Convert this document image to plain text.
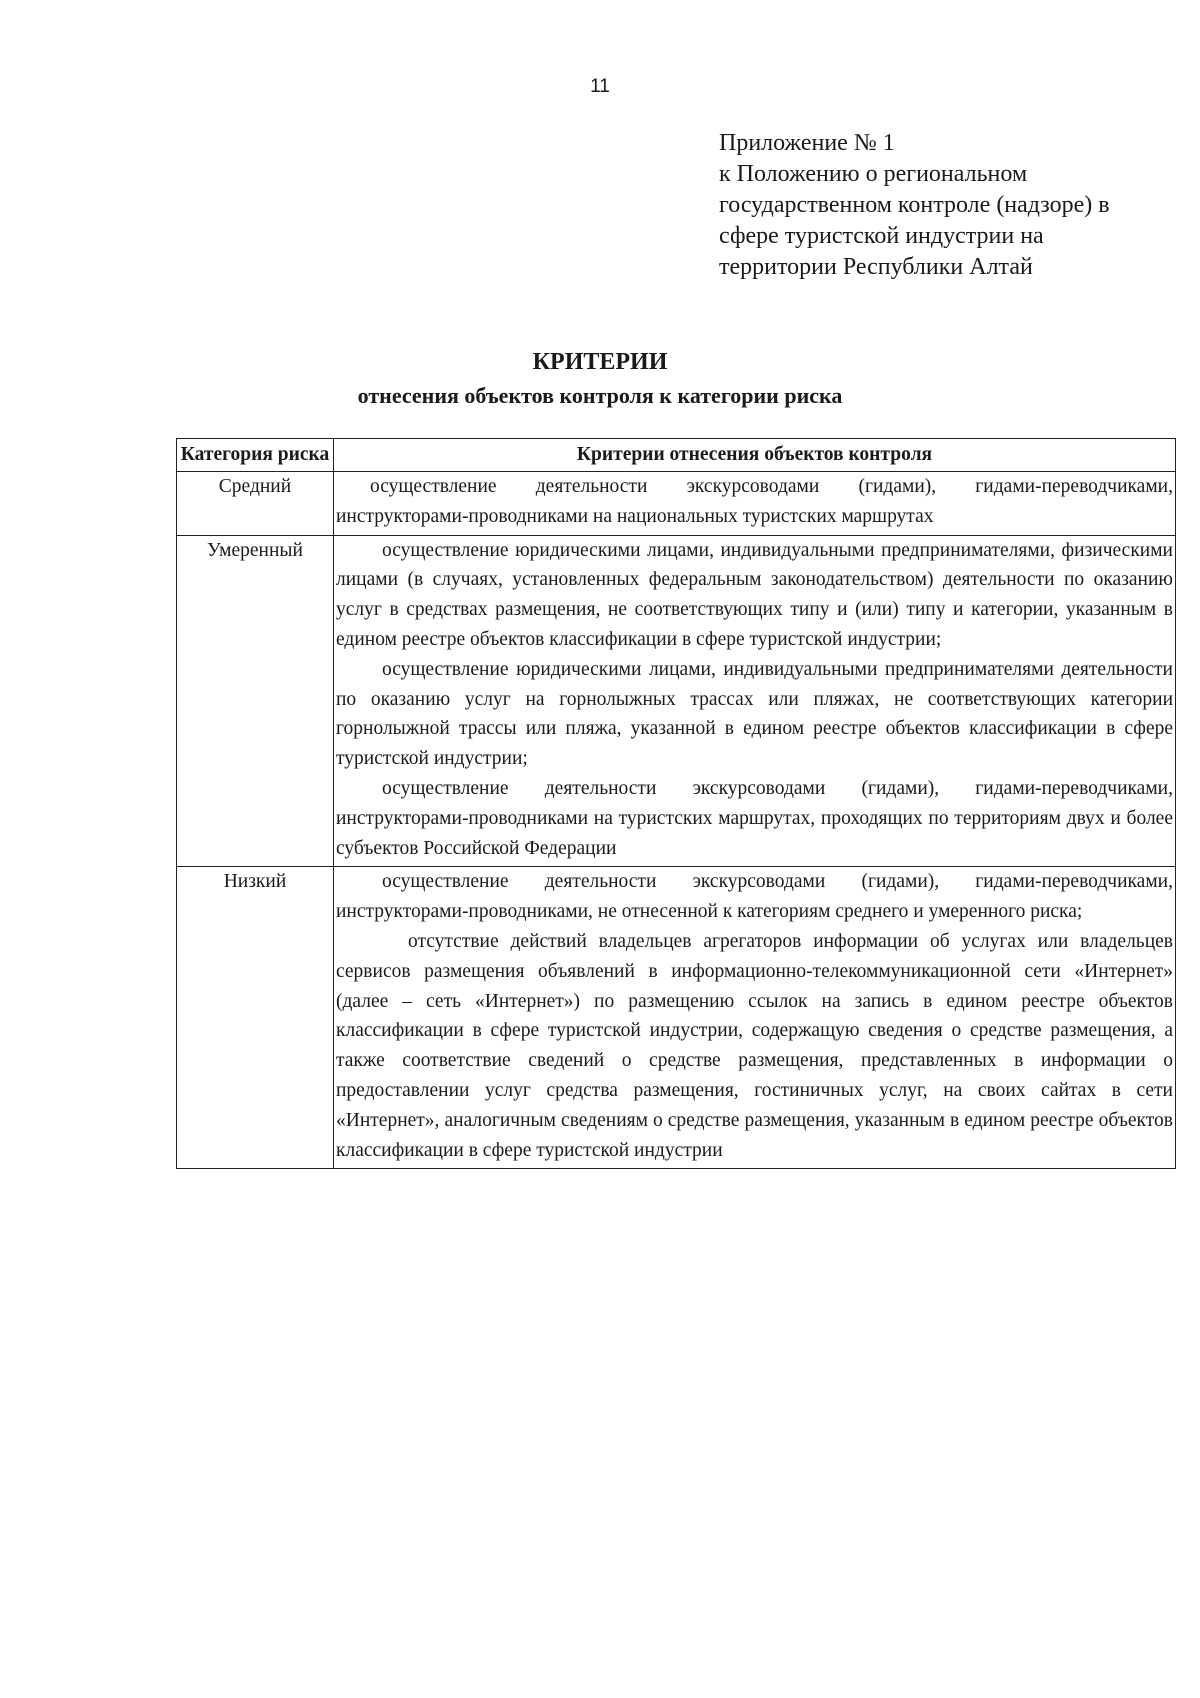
11
Приложение № 1
к Положению о региональном
государственном контроле (надзоре) в
сфере туристской индустрии на
территории Республики Алтай
КРИТЕРИИ
отнесения объектов контроля к категории риска
Категория риска	Критерии отнесения объектов контроля
Средний	осуществление деятельности экскурсоводами (гидами), гидами-переводчиками, инструкторами-проводниками на национальных туристских маршрутах

Умеренный	осуществление юридическими лицами, индивидуальными предпринимателями, физическими лицами (в случаях, установленных федеральным законодательством) деятельности по оказанию услуг в средствах размещения, не соответствующих типу и (или) типу и категории, указанным в едином реестре объектов классификации в сфере туристской индустрии;
осуществление юридическими лицами, индивидуальными предпринимателями деятельности по оказанию услуг на горнолыжных трассах или пляжах, не соответствующих категории горнолыжной трассы или пляжа, указанной в едином реестре объектов классификации в сфере туристской индустрии;
осуществление деятельности экскурсоводами (гидами), гидами-переводчиками, инструкторами-проводниками на туристских маршрутах, проходящих по территориям двух и более субъектов Российской Федерации

Низкий	осуществление деятельности экскурсоводами (гидами), гидами-переводчиками, инструкторами-проводниками, не отнесенной к категориям среднего и умеренного риска;
отсутствие действий владельцев агрегаторов информации об услугах или владельцев сервисов размещения объявлений в информационно-телекоммуникационной сети «Интернет» (далее – сеть «Интернет») по размещению ссылок на запись в едином реестре объектов классификации в сфере туристской индустрии, содержащую сведения о средстве размещения, а также соответствие сведений о средстве размещения, представленных в информации о предоставлении услуг средства размещения, гостиничных услуг, на своих сайтах в сети «Интернет», аналогичным сведениям о средстве размещения, указанным в едином реестре объектов классификации в сфере туристской индустрии
